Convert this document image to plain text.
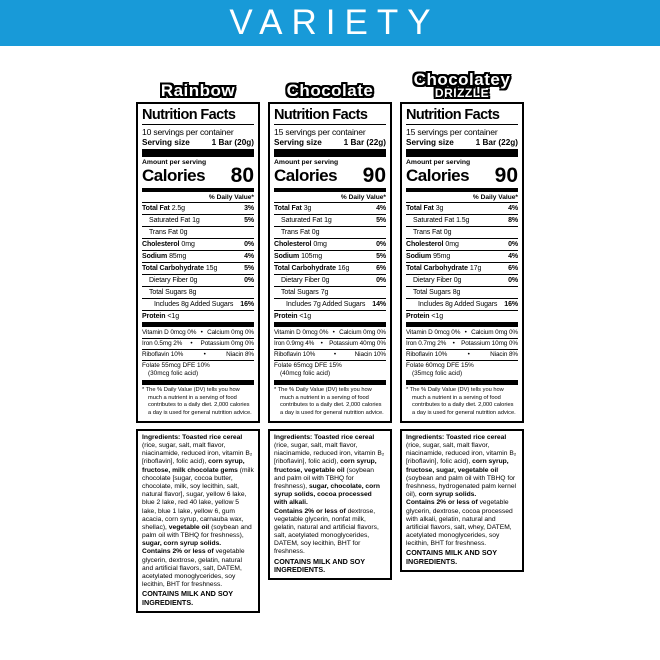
VARIETY
Rainbow
Nutrition Facts
10 servings per container
Serving size	1 Bar (20g)
Amount per serving
Calories 80
% Daily Value*
Total Fat 2.5g	3%
Saturated Fat 1g	5%
Trans Fat 0g
Cholesterol 0mg	0%
Sodium 85mg	4%
Total Carbohydrate 15g	5%
Dietary Fiber 0g	0%
Total Sugars 8g
Includes 8g Added Sugars 16%
Protein <1g
Vitamin D 0mcg 0% • Calcium 0mg 0%
Iron 0.5mg 2% • Potassium 0mg 0%
Riboflavin 10%	•	Niacin 8%
Folate 55mcg DFE 10%
(30mcg folic acid)
* The % Daily Value (DV) tells you how much a nutrient in a serving of food contributes to a daily diet. 2,000 calories a day is used for general nutrition advice.

Ingredients: Toasted rice cereal (rice, sugar, salt, malt flavor, niacinamide, reduced iron, vitamin B₂ [riboflavin], folic acid), corn syrup, fructose, milk chocolate gems (milk chocolate [sugar, cocoa butter, chocolate, milk, soy lecithin, salt, natural flavor], sugar, yellow 6 lake, blue 2 lake, red 40 lake, yellow 5 lake, blue 1 lake, yellow 6, gum acacia, corn syrup, carnauba wax, shellac), vegetable oil (soybean and palm oil with TBHQ for freshness), sugar, corn syrup solids.

Contains 2% or less of vegetable glycerin, dextrose, gelatin, natural and artificial flavors, salt, DATEM, acetylated monoglycerides, soy lecithin, BHT for freshness.

CONTAINS MILK AND SOY INGREDIENTS.

Chocolate
Nutrition Facts
15 servings per container
Serving size	1 Bar (22g)
Amount per serving
Calories 90
% Daily Value*
Total Fat 3g	4%
Saturated Fat 1g	5%
Trans Fat 0g
Cholesterol 0mg	0%
Sodium 105mg	5%
Total Carbohydrate 16g	6%
Dietary Fiber 0g	0%
Total Sugars 7g
Includes 7g Added Sugars 14%
Protein <1g
Vitamin D 0mcg 0% • Calcium 0mg 0%
Iron 0.9mg 4% • Potassium 40mg 0%
Riboflavin 10%	•	Niacin 10%
Folate 65mcg DFE 15%
(40mcg folic acid)
* The % Daily Value (DV) tells you how much a nutrient in a serving of food contributes to a daily diet. 2,000 calories a day is used for general nutrition advice.

Ingredients: Toasted rice cereal (rice, sugar, salt, malt flavor, niacinamide, reduced iron, vitamin B₂ [riboflavin], folic acid), corn syrup, fructose, vegetable oil (soybean and palm oil with TBHQ for freshness), sugar, chocolate, corn syrup solids, cocoa processed with alkali.

Contains 2% or less of dextrose, vegetable glycerin, nonfat milk, gelatin, natural and artificial flavors, salt, acetylated monoglycerides, DATEM, soy lecithin, BHT for freshness.

CONTAINS MILK AND SOY INGREDIENTS.

Chocolatey
DRIZZLE
Nutrition Facts
15 servings per container
Serving size	1 Bar (22g)
Amount per serving
Calories 90
% Daily Value*
Total Fat 3g	4%
Saturated Fat 1.5g	8%
Trans Fat 0g
Cholesterol 0mg	0%
Sodium 95mg	4%
Total Carbohydrate 17g	6%
Dietary Fiber 0g	0%
Total Sugars 8g
Includes 8g Added Sugars 16%
Protein <1g
Vitamin D 0mcg 0% • Calcium 0mg 0%
Iron 0.7mg 2% • Potassium 10mg 0%
Riboflavin 10%	•	Niacin 8%
Folate 60mcg DFE 15%
(35mcg folic acid)
* The % Daily Value (DV) tells you how much a nutrient in a serving of food contributes to a daily diet. 2,000 calories a day is used for general nutrition advice.

Ingredients: Toasted rice cereal (rice, sugar, salt, malt flavor, niacinamide, reduced iron, vitamin B₂ [riboflavin], folic acid), corn syrup, fructose, sugar, vegetable oil (soybean and palm oil with TBHQ for freshness, hydrogenated palm kernel oil), corn syrup solids.

Contains 2% or less of vegetable glycerin, dextrose, cocoa processed with alkali, gelatin, natural and artificial flavors, salt, whey, DATEM, acetylated monoglycerides, soy lecithin, BHT for freshness.

CONTAINS MILK AND SOY INGREDIENTS.
